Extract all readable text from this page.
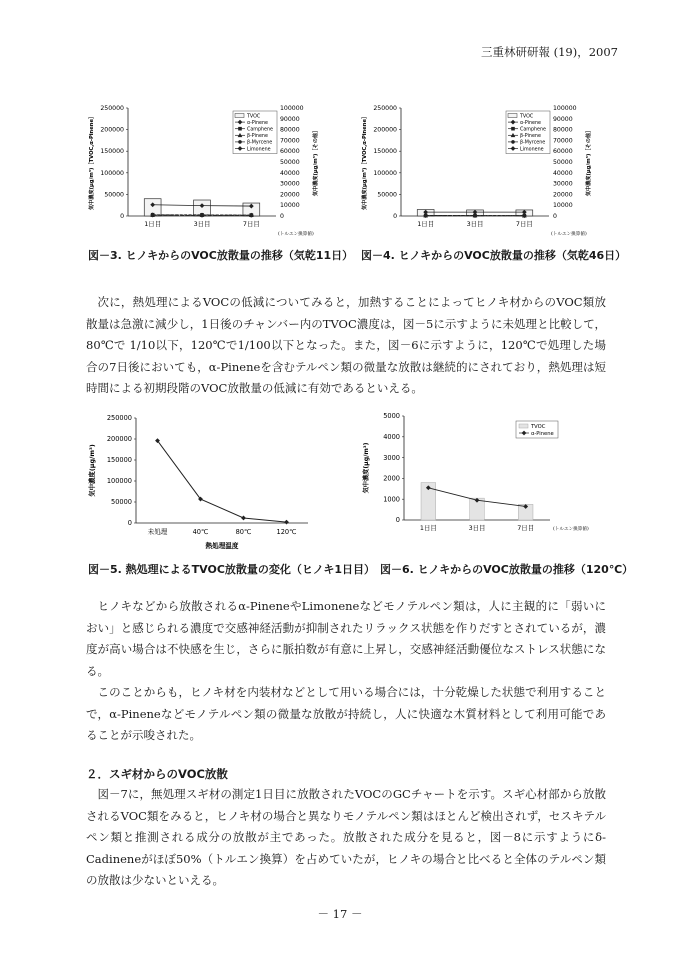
三重林研研報 (19)，2007
気中濃度(μg/m³)［TVOC,α-Pinene］	気中濃度(μg/m³)［その他］
250000
200000
150000
100000
50000
0
100000
90000
80000
70000
60000
50000
40000
30000
20000
10000
0
1日目	3日目	7日目
(トルエン換算値)
TVOC
α-Pinene
Camphene
β-Pinene
β-Myrcene
Limonene
図－3. ヒノキからのVOC放散量の推移（気乾11日）
気中濃度(μg/m³)［TVOC,α-Pinene］	気中濃度(μg/m³)［その他］
250000
200000
150000
100000
50000
0
100000
90000
80000
70000
60000
50000
40000
30000
20000
10000
0
1日目	3日目	7日目
(トルエン換算値)
TVOC
α-Pinene
Camphene
β-Pinene
β-Myrcene
Limonene
図－4. ヒノキからのVOC放散量の推移（気乾46日）

次に，熱処理によるVOCの低減についてみると，加熱することによってヒノキ材からのVOC類放散量は急激に減少し，1日後のチャンバー内のTVOC濃度は，図－5に示すように未処理と比較して，80℃で 1/10以下，120℃で1/100以下となった。また，図－6に示すように，120℃で処理した場合の7日後においても，α-Pineneを含むテルペン類の微量な放散は継続的にされており，熱処理は短時間による初期段階のVOC放散量の低減に有効であるといえる。

気中濃度(μg/m³)
250000
200000
150000
100000
50000
0
未処理	40℃	80℃	120℃
熱処理温度
図－5. 熱処理によるTVOC放散量の変化（ヒノキ1日目）
気中濃度(μg/m³)
5000
4000
3000
2000
1000
0
1日目	3日目	7日目	(トルエン換算値)
TVOC
α-Pinene
図－6. ヒノキからのVOC放散量の推移（120℃）

ヒノキなどから放散されるα-PineneやLimoneneなどモノテルペン類は，人に主観的に「弱いにおい」と感じられる濃度で交感神経活動が抑制されたリラックス状態を作りだすとされているが，濃度が高い場合は不快感を生じ，さらに脈拍数が有意に上昇し，交感神経活動優位なストレス状態になる。

このことからも，ヒノキ材を内装材などとして用いる場合には，十分乾燥した状態で利用することで，α-Pineneなどモノテルペン類の微量な放散が持続し，人に快適な木質材料として利用可能であることが示唆された。

２．スギ材からのVOC放散

図－7に，無処理スギ材の測定1日目に放散されたVOCのGCチャートを示す。スギ心材部から放散されるVOC類をみると，ヒノキ材の場合と異なりモノテルペン類はほとんど検出されず，セスキテルペン類と推測される成分の放散が主であった。放散された成分を見ると，図－8に示すようにδ-Cadineneがほぼ50%（トルエン換算）を占めていたが，ヒノキの場合と比べると全体のテルペン類の放散は少ないといえる。

－ 17 －
